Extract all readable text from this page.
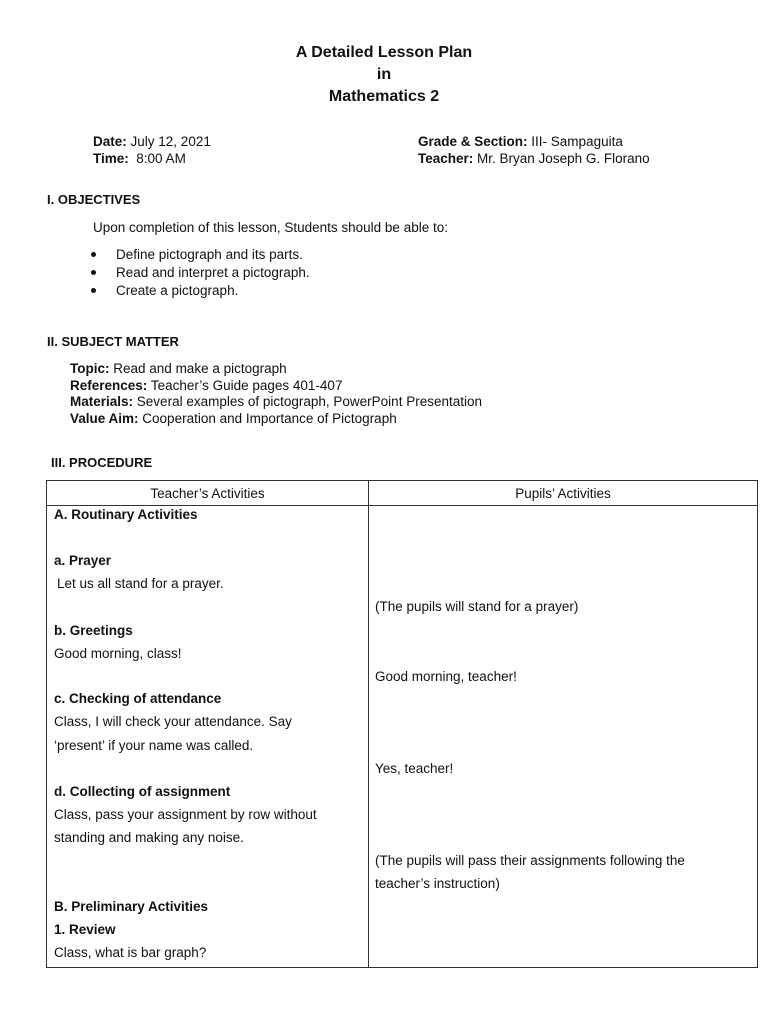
A Detailed Lesson Plan
in
Mathematics 2
Date: July 12, 2021
Time: 8:00 AM
Grade & Section: III- Sampaguita
Teacher: Mr. Bryan Joseph G. Florano
I. OBJECTIVES
Upon completion of this lesson, Students should be able to:
Define pictograph and its parts.
Read and interpret a pictograph.
Create a pictograph.
II. SUBJECT MATTER
Topic: Read and make a pictograph
References: Teacher’s Guide pages 401-407
Materials: Several examples of pictograph, PowerPoint Presentation
Value Aim: Cooperation and Importance of Pictograph
III. PROCEDURE
Teacher’s Activities	Pupils’ Activities
A. Routinary Activities
a. Prayer
Let us all stand for a prayer.
(The pupils will stand for a prayer)
b. Greetings
Good morning, class!
Good morning, teacher!
c. Checking of attendance
Class, I will check your attendance. Say
‘present’ if your name was called.
Yes, teacher!
d. Collecting of assignment
Class, pass your assignment by row without
standing and making any noise.
(The pupils will pass their assignments following the
teacher’s instruction)
B. Preliminary Activities
1. Review
Class, what is bar graph?
